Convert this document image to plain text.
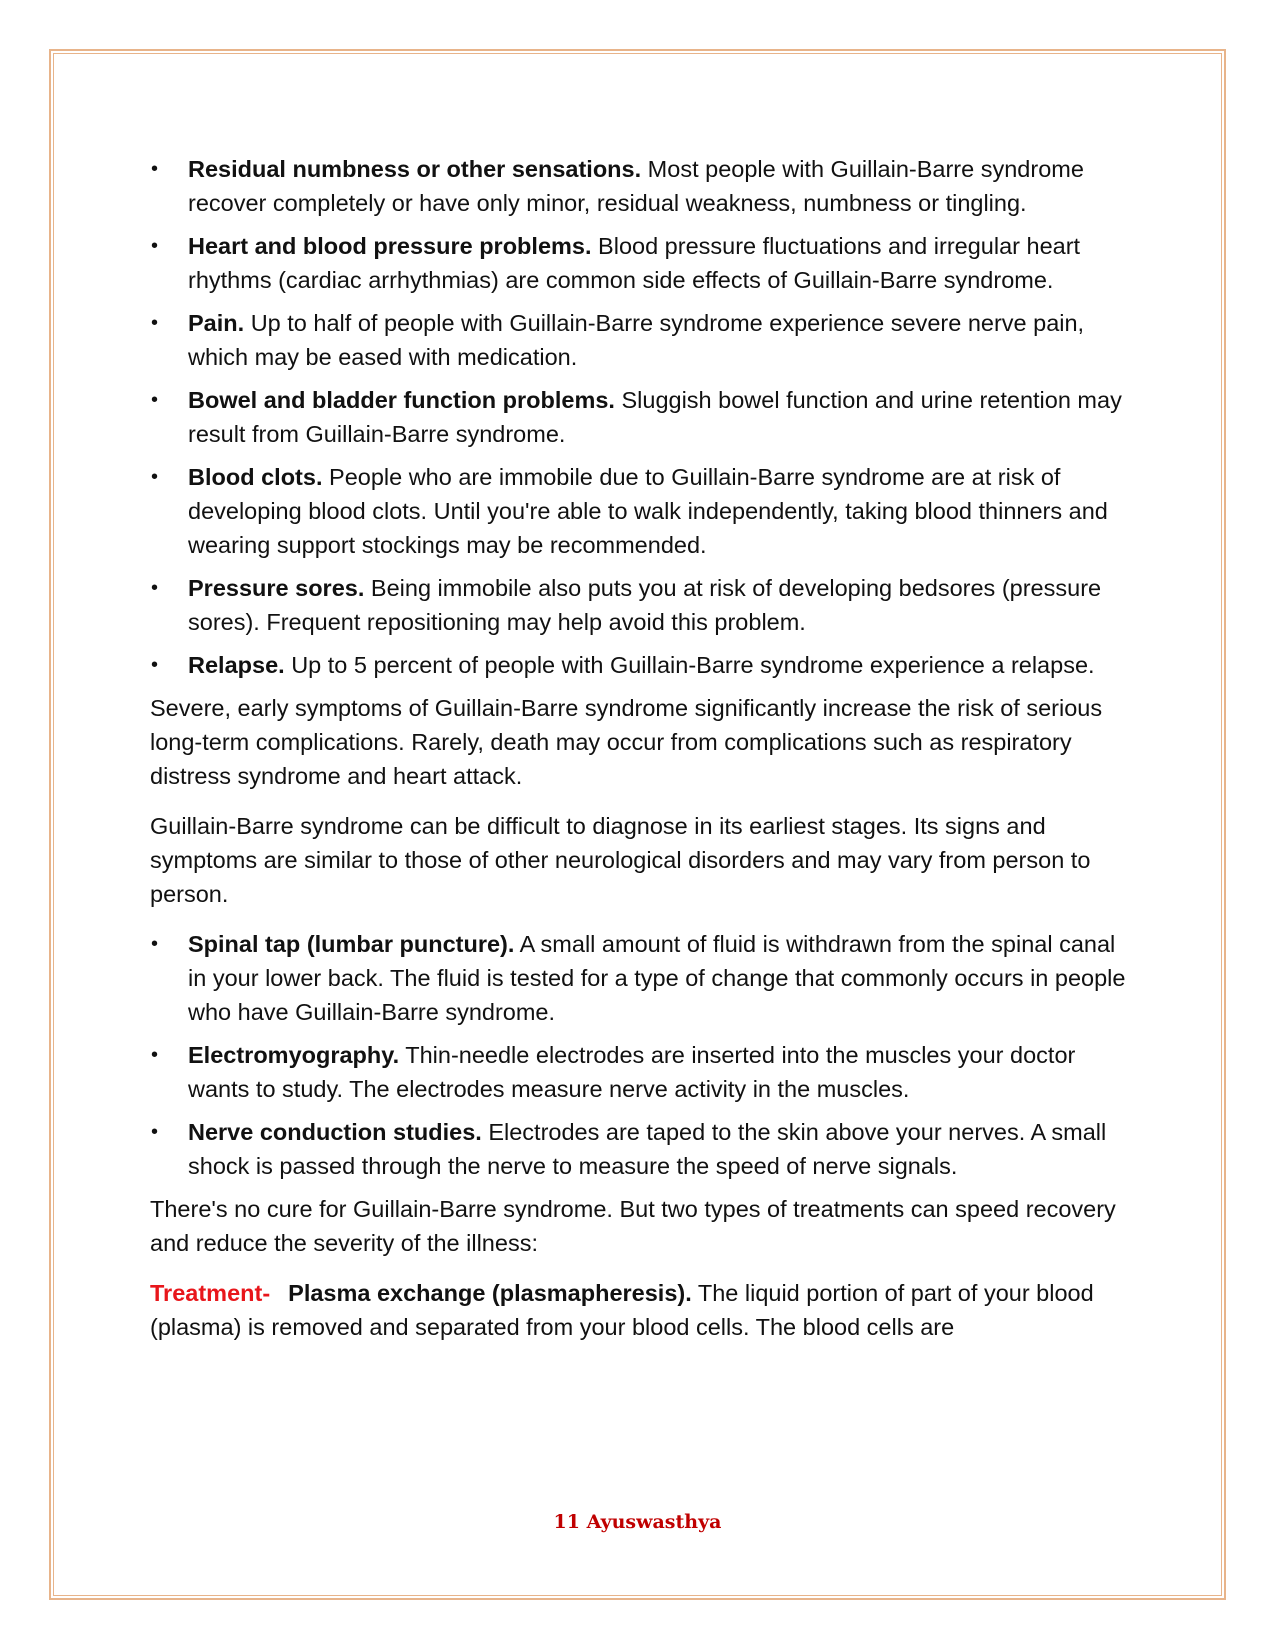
• Residual numbness or other sensations. Most people with Guillain-Barre syndrome recover completely or have only minor, residual weakness, numbness or tingling.
• Heart and blood pressure problems. Blood pressure fluctuations and irregular heart rhythms (cardiac arrhythmias) are common side effects of Guillain-Barre syndrome.
• Pain. Up to half of people with Guillain-Barre syndrome experience severe nerve pain, which may be eased with medication.
• Bowel and bladder function problems. Sluggish bowel function and urine retention may result from Guillain-Barre syndrome.
• Blood clots. People who are immobile due to Guillain-Barre syndrome are at risk of developing blood clots. Until you're able to walk independently, taking blood thinners and wearing support stockings may be recommended.
• Pressure sores. Being immobile also puts you at risk of developing bedsores (pressure sores). Frequent repositioning may help avoid this problem.
• Relapse. Up to 5 percent of people with Guillain-Barre syndrome experience a relapse.

Severe, early symptoms of Guillain-Barre syndrome significantly increase the risk of serious long-term complications. Rarely, death may occur from complications such as respiratory distress syndrome and heart attack.

Guillain-Barre syndrome can be difficult to diagnose in its earliest stages. Its signs and symptoms are similar to those of other neurological disorders and may vary from person to person.

• Spinal tap (lumbar puncture). A small amount of fluid is withdrawn from the spinal canal in your lower back. The fluid is tested for a type of change that commonly occurs in people who have Guillain-Barre syndrome.
• Electromyography. Thin-needle electrodes are inserted into the muscles your doctor wants to study. The electrodes measure nerve activity in the muscles.
• Nerve conduction studies. Electrodes are taped to the skin above your nerves. A small shock is passed through the nerve to measure the speed of nerve signals.

There's no cure for Guillain-Barre syndrome. But two types of treatments can speed recovery and reduce the severity of the illness:

Treatment- Plasma exchange (plasmapheresis). The liquid portion of part of your blood (plasma) is removed and separated from your blood cells. The blood cells are

11 Ayuswasthya
